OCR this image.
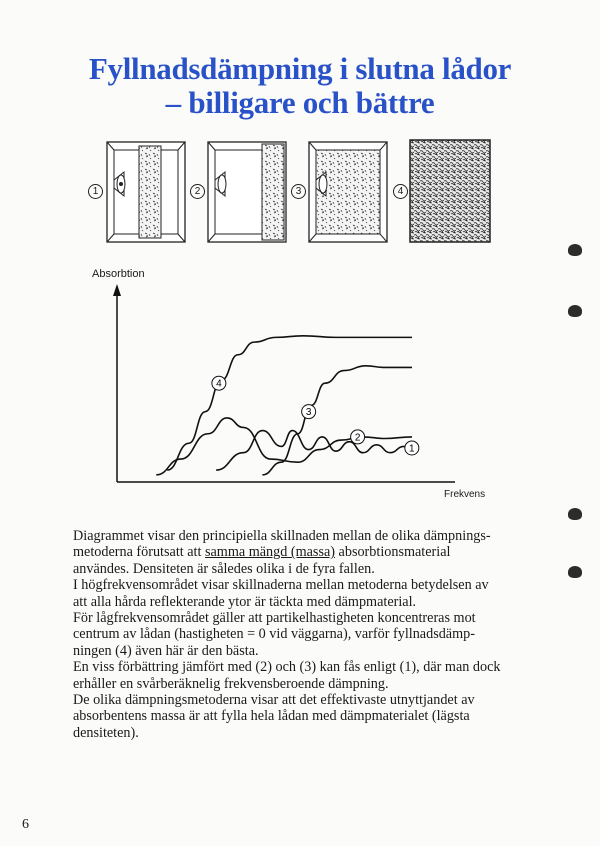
Fyllnadsdämpning i slutna lådor
– billigare och bättre
1	2	3	4
1
2
3
4
Absorbtion
Frekvens

Diagrammet visar den principiella skillnaden mellan de olika dämpnings-
metoderna förutsatt att samma mängd (massa) absorbtionsmaterial
användes. Densiteten är således olika i de fyra fallen.

I högfrekvensområdet visar skillnaderna mellan metoderna betydelsen av
att alla hårda reflekterande ytor är täckta med dämpmaterial.

För lågfrekvensområdet gäller att partikelhastigheten koncentreras mot
centrum av lådan (hastigheten = 0 vid väggarna), varför fyllnadsdämp-
ningen (4) även här är den bästa.

En viss förbättring jämfört med (2) och (3) kan fås enligt (1), där man dock
erhåller en svårberäknelig frekvensberoende dämpning.

De olika dämpningsmetoderna visar att det effektivaste utnyttjandet av
absorbentens massa är att fylla hela lådan med dämpmaterialet (lägsta
densiteten).

6
